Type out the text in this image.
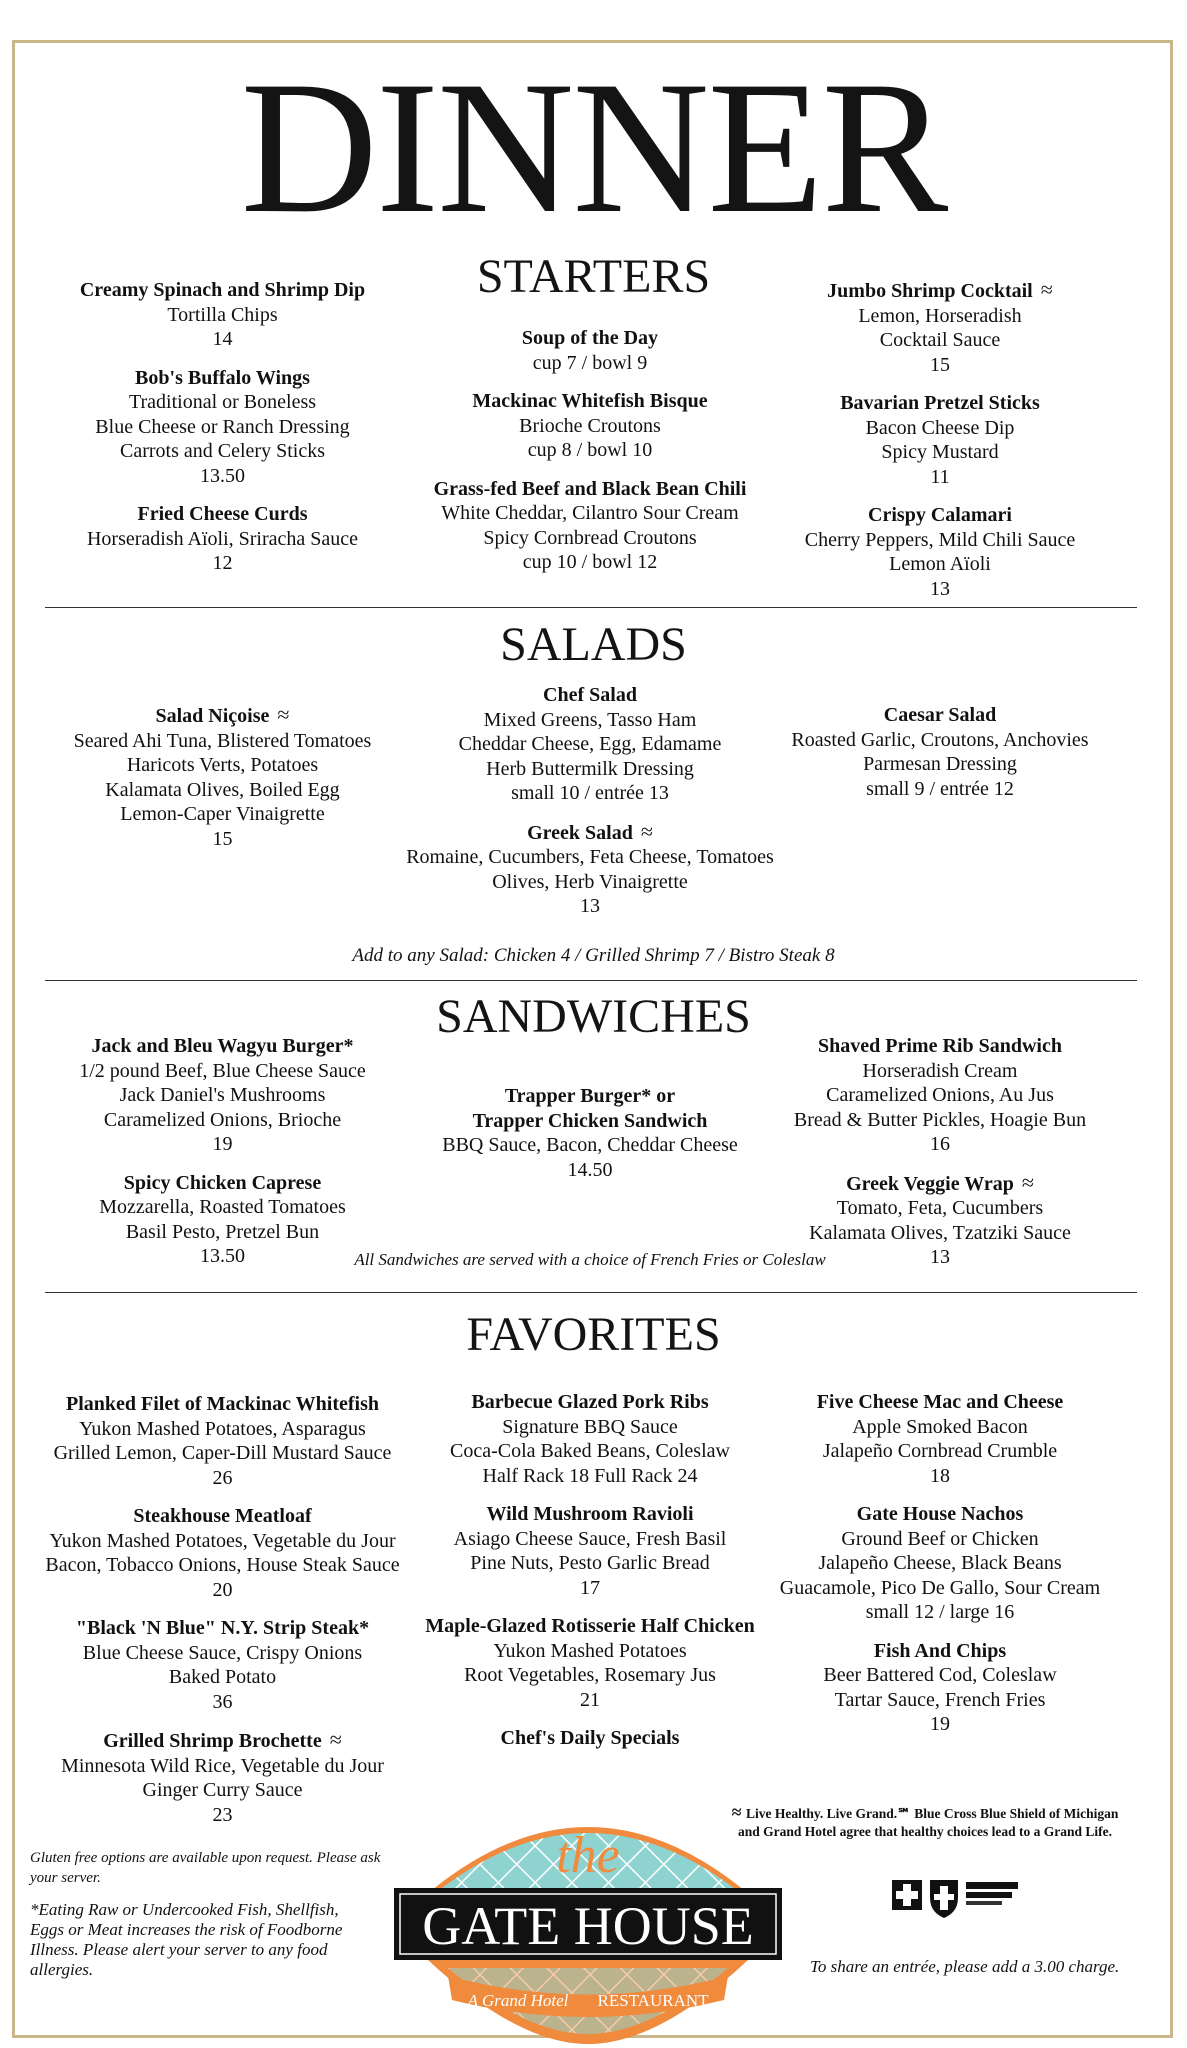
DINNER
STARTERS
Creamy Spinach and Shrimp Dip
Tortilla Chips
14
Bob's Buffalo Wings
Traditional or Boneless
Blue Cheese or Ranch Dressing
Carrots and Celery Sticks
13.50
Fried Cheese Curds
Horseradish Aïoli, Sriracha Sauce
12
Soup of the Day
cup 7 / bowl 9
Mackinac Whitefish Bisque
Brioche Croutons
cup 8 / bowl 10
Grass-fed Beef and Black Bean Chili
White Cheddar, Cilantro Sour Cream
Spicy Cornbread Croutons
cup 10 / bowl 12
Jumbo Shrimp Cocktail ≈
Lemon, Horseradish
Cocktail Sauce
15
Bavarian Pretzel Sticks
Bacon Cheese Dip
Spicy Mustard
11
Crispy Calamari
Cherry Peppers, Mild Chili Sauce
Lemon Aïoli
13
SALADS
Salad Niçoise ≈
Seared Ahi Tuna, Blistered Tomatoes
Haricots Verts, Potatoes
Kalamata Olives, Boiled Egg
Lemon-Caper Vinaigrette
15
Chef Salad
Mixed Greens, Tasso Ham
Cheddar Cheese, Egg, Edamame
Herb Buttermilk Dressing
small 10 / entrée 13
Greek Salad ≈
Romaine, Cucumbers, Feta Cheese, Tomatoes
Olives, Herb Vinaigrette
13
Caesar Salad
Roasted Garlic, Croutons, Anchovies
Parmesan Dressing
small 9 / entrée 12
Add to any Salad: Chicken 4 / Grilled Shrimp 7 / Bistro Steak 8
SANDWICHES
Jack and Bleu Wagyu Burger*
1/2 pound Beef, Blue Cheese Sauce
Jack Daniel's Mushrooms
Caramelized Onions, Brioche
19
Spicy Chicken Caprese
Mozzarella, Roasted Tomatoes
Basil Pesto, Pretzel Bun
13.50
Trapper Burger* or
Trapper Chicken Sandwich
BBQ Sauce, Bacon, Cheddar Cheese
14.50
Shaved Prime Rib Sandwich
Horseradish Cream
Caramelized Onions, Au Jus
Bread & Butter Pickles, Hoagie Bun
16
Greek Veggie Wrap ≈
Tomato, Feta, Cucumbers
Kalamata Olives, Tzatziki Sauce
13
All Sandwiches are served with a choice of French Fries or Coleslaw
FAVORITES
Planked Filet of Mackinac Whitefish
Yukon Mashed Potatoes, Asparagus
Grilled Lemon, Caper-Dill Mustard Sauce
26
Steakhouse Meatloaf
Yukon Mashed Potatoes, Vegetable du Jour
Bacon, Tobacco Onions, House Steak Sauce
20
"Black 'N Blue" N.Y. Strip Steak*
Blue Cheese Sauce, Crispy Onions
Baked Potato
36
Grilled Shrimp Brochette ≈
Minnesota Wild Rice, Vegetable du Jour
Ginger Curry Sauce
23
Barbecue Glazed Pork Ribs
Signature BBQ Sauce
Coca-Cola Baked Beans, Coleslaw
Half Rack 18 Full Rack 24
Wild Mushroom Ravioli
Asiago Cheese Sauce, Fresh Basil
Pine Nuts, Pesto Garlic Bread
17
Maple-Glazed Rotisserie Half Chicken
Yukon Mashed Potatoes
Root Vegetables, Rosemary Jus
21
Chef's Daily Specials
Five Cheese Mac and Cheese
Apple Smoked Bacon
Jalapeño Cornbread Crumble
18
Gate House Nachos
Ground Beef or Chicken
Jalapeño Cheese, Black Beans
Guacamole, Pico De Gallo, Sour Cream
small 12 / large 16
Fish And Chips
Beer Battered Cod, Coleslaw
Tartar Sauce, French Fries
19
Gluten free options are available upon request. Please ask your server.
*Eating Raw or Undercooked Fish, Shellfish, Eggs or Meat increases the risk of Foodborne Illness. Please alert your server to any food allergies.
≈ Live Healthy. Live Grand.℠ Blue Cross Blue Shield of Michigan
and Grand Hotel agree that healthy choices lead to a Grand Life.
To share an entrée, please add a 3.00 charge.
the
GATE HOUSE
A Grand Hotel RESTAURANT
